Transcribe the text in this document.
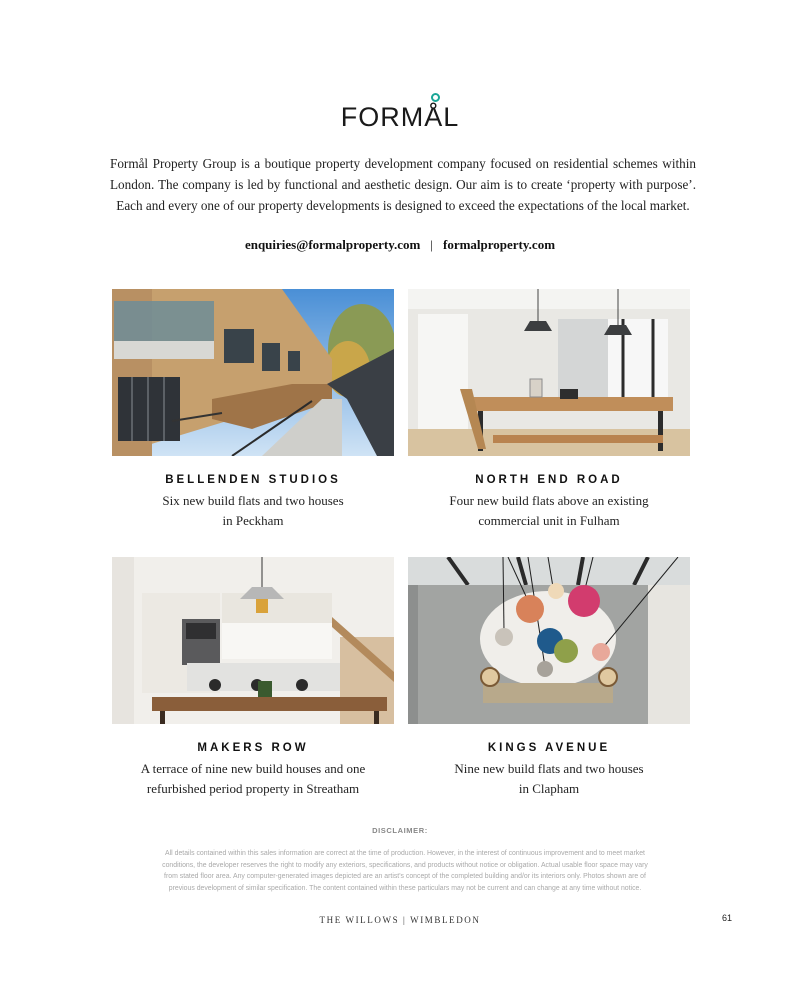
FORMÅL

Formål Property Group is a boutique property development company focused on residential schemes within London. The company is led by functional and aesthetic design. Our aim is to create ‘property with purpose’. Each and every one of our property developments is designed to exceed the expectations of the local market.

enquiries@formalproperty.com | formalproperty.com
BELLENDEN STUDIOS
Six new build flats and two houses
in Peckham
NORTH END ROAD
Four new build flats above an existing
commercial unit in Fulham
MAKERS ROW
A terrace of nine new build houses and one
refurbished period property in Streatham
KINGS AVENUE
Nine new build flats and two houses
in Clapham
DISCLAIMER:
All details contained within this sales information are correct at the time of production. However, in the interest of continuous improvement and to meet market
conditions, the developer reserves the right to modify any exteriors, specifications, and products without notice or obligation. Actual usable floor space may vary
from stated floor area. Any computer-generated images depicted are an artist's concept of the completed building and/or its interiors only. Photos shown are of
previous development of similar specification. The content contained within these particulars may not be current and can change at any time without notice.
THE WILLOWS | WIMBLEDON	61
